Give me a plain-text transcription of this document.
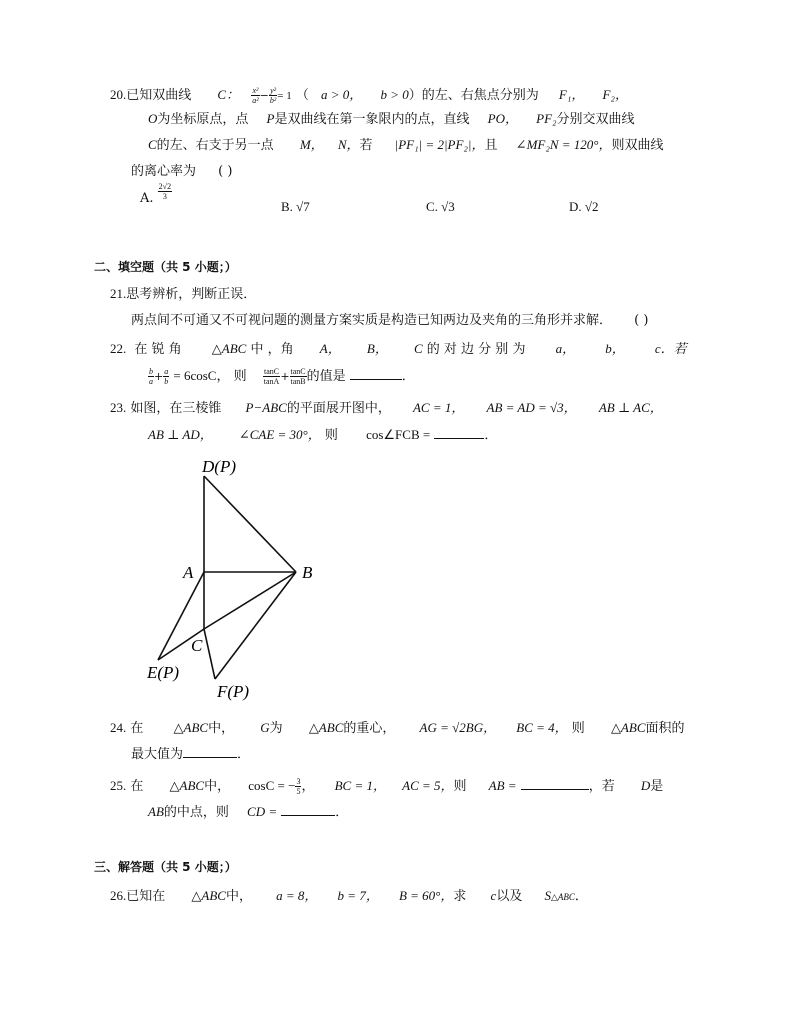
20.已知双曲线 C： $\frac{\text{x²}}{\text{a²}} - \frac{\text{y²}}{\text{b²}} = 1$ （ a > 0， b > 0）的左、右焦点分别为 F₁， F₂，
O为坐标原点，点 P是双曲线在第一象限内的点，直线 PO， PF₂分别交双曲线
C的左、右支于另一点 M， N，若 |PF₁| = 2|PF₂|，且 ∠MF₂N = 120°，则双曲线
的离心率为 ( )
A. $\frac{2√2}{3}$
B. √7	C. √3	D. √2
二、填空题（共 5 小题；）
21.思考辨析，判断正误．
两点间不可通又不可视问题的测量方案实质是构造已知两边及夹角的三角形并求解． ( )
22. 在 锐 角 △ABC 中 ，角 A， B， C 的 对 边 分 别 为 a， b， c．若
$\frac{b}{a} + \frac{a}{b} = 6\cos C$， 则 $\frac{\tan C}{\tan A} + \frac{\tan C}{\tan B}$ 的值是	．
23. 如图，在三棱锥 P−ABC的平面展开图中， AC = 1， AB = AD = √3， AB ⊥ AC，
AB ⊥ AD， ∠CAE = 30°， 则 cos∠FCB =	．
D(P)
A	B
C
E(P)
F(P)
24. 在 △ABC中， G为 △ABC的重心， AG = √2BG， BC = 4， 则 △ABC面积的
最大值为	．
25. 在 △ABC中， cosC = − $\frac{3}{5}$ ， BC = 1， AC = 5，则 AB =	，若 D是
AB的中点，则 CD =	．
三、解答题（共 5 小题；）
26.已知在 △ABC中， a = 8， b = 7， B = 60°，求 c以及 S△ABC．
